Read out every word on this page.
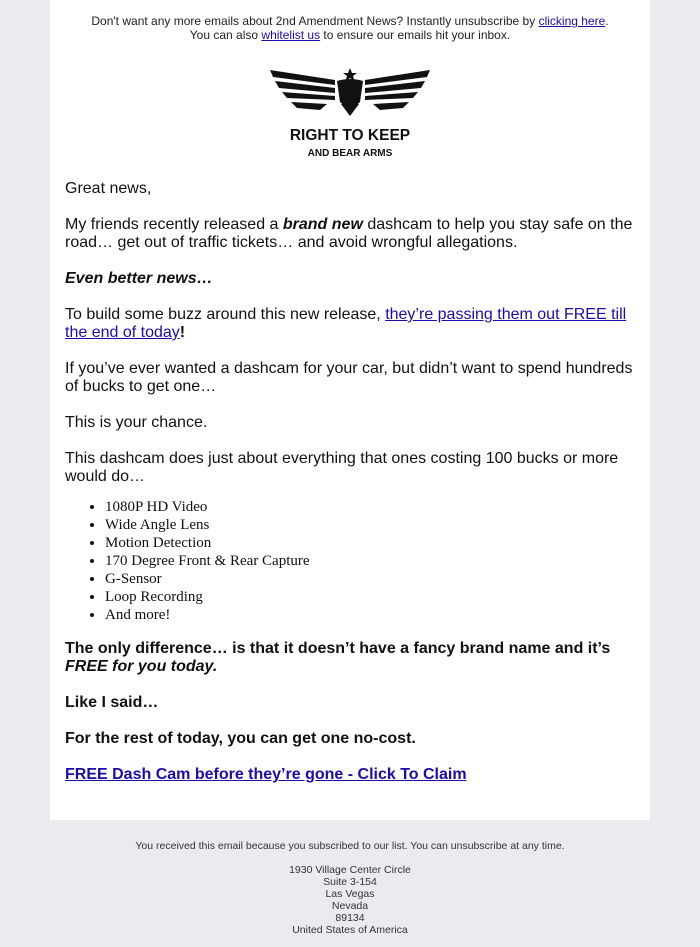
Don't want any more emails about 2nd Amendment News? Instantly unsubscribe by clicking here.
You can also whitelist us to ensure our emails hit your inbox.
RIGHT TO KEEP
AND BEAR ARMS

Great news,

My friends recently released a brand new dashcam to help you stay safe on the road… get out of traffic tickets… and avoid wrongful allegations.

Even better news…

To build some buzz around this new release, they’re passing them out FREE till the end of today!

If you’ve ever wanted a dashcam for your car, but didn’t want to spend hundreds of bucks to get one…

This is your chance.

This dashcam does just about everything that ones costing 100 bucks or more would do…

• 1080P HD Video
• Wide Angle Lens
• Motion Detection
• 170 Degree Front & Rear Capture
• G-Sensor
• Loop Recording
• And more!

The only difference… is that it doesn’t have a fancy brand name and it’s FREE for you today.

Like I said…

For the rest of today, you can get one no-cost.

FREE Dash Cam before they’re gone - Click To Claim

You received this email because you subscribed to our list. You can unsubscribe at any time.
1930 Village Center Circle
Suite 3-154
Las Vegas
Nevada
89134
United States of America
